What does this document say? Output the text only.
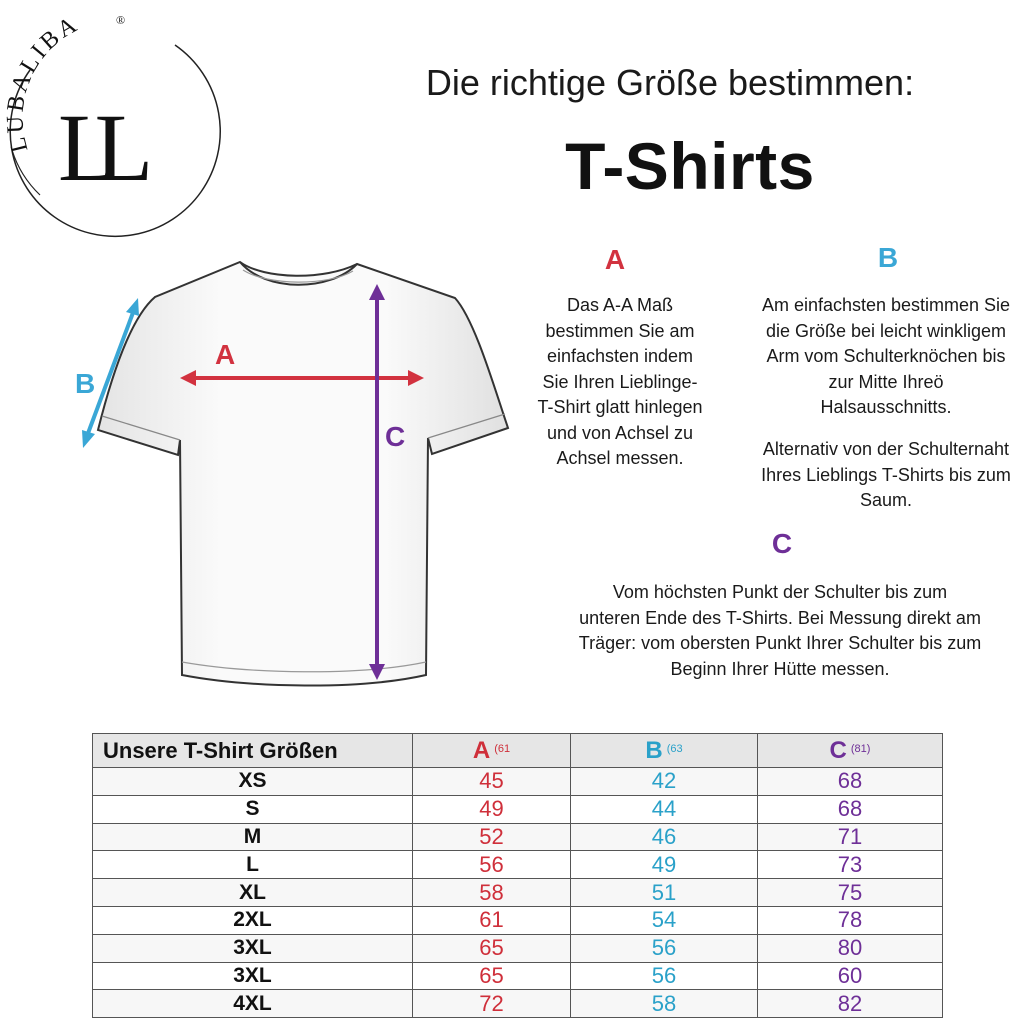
LUBALIBA	®
LL
Die richtige Größe bestimmen:
T-Shirts
A
B
C
A
Das A-A Maß
bestimmen Sie am
einfachsten indem
Sie Ihren Lieblinge-
T-Shirt glatt hinlegen
und von Achsel zu
Achsel messen.
B
Am einfachsten bestimmen Sie
die Größe bei leicht winkligem
Arm vom Schulterknöchen bis
zur Mitte Ihreö
Halsausschnitts.
Alternativ von der Schulternaht
Ihres Lieblings T-Shirts bis zum
Saum.
C
Vom höchsten Punkt der Schulter bis zum
unteren Ende des T-Shirts. Bei Messung direkt am
Träger: vom obersten Punkt Ihrer Schulter bis zum
Beginn Ihrer Hütte messen.
Unsere T-Shirt Größen	A $^{(61}$	B $^{(63}$	C $^{(81)}$
XS	45	42	68
S	49	44	68
M	52	46	71
L	56	49	73
XL	58	51	75
2XL	61	54	78
3XL	65	56	80
3XL	65	56	60
4XL	72	58	82
